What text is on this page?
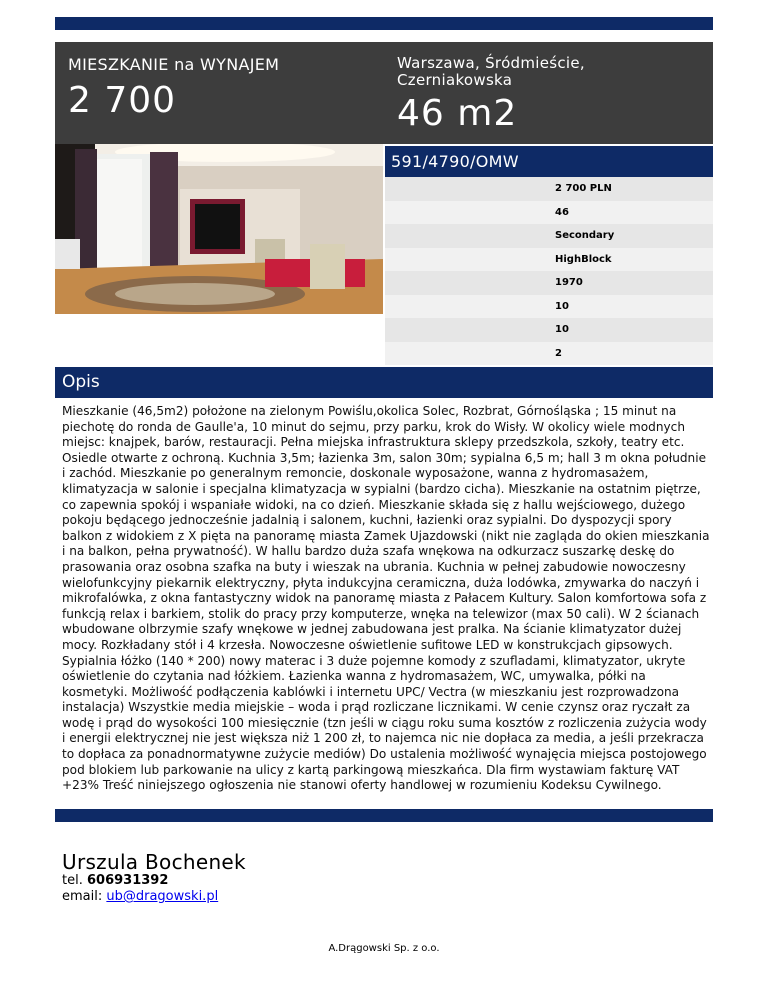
MIESZKANIE na WYNAJEM
2 700
Warszawa, Śródmieście, Czerniakowska
46 m2
591/4790/OMW
2 700 PLN
46
Secondary
HighBlock
1970
10
10
2
Opis
Mieszkanie (46,5m2) położone na zielonym Powiślu,okolica Solec, Rozbrat, Górnośląska ; 15 minut na piechotę do ronda de Gaulle'a, 10 minut do sejmu, przy parku, krok do Wisły. W okolicy wiele modnych miejsc: knajpek, barów, restauracji. Pełna miejska infrastruktura sklepy przedszkola, szkoły, teatry etc. Osiedle otwarte z ochroną. Kuchnia 3,5m; łazienka 3m, salon 30m; sypialna 6,5 m; hall 3 m okna południe i zachód. Mieszkanie po generalnym remoncie, doskonale wyposażone, wanna z hydromasażem, klimatyzacja w salonie i specjalna klimatyzacja w sypialni (bardzo cicha). Mieszkanie na ostatnim piętrze, co zapewnia spokój i wspaniałe widoki, na co dzień. Mieszkanie składa się z hallu wejściowego, dużego pokoju będącego jednocześnie jadalnią i salonem, kuchni, łazienki oraz sypialni. Do dyspozycji spory balkon z widokiem z X pięta na panoramę miasta Zamek Ujazdowski (nikt nie zagląda do okien mieszkania i na balkon, pełna prywatność). W hallu bardzo duża szafa wnękowa na odkurzacz suszarkę deskę do prasowania oraz osobna szafka na buty i wieszak na ubrania. Kuchnia w pełnej zabudowie nowoczesny wielofunkcyjny piekarnik elektryczny, płyta indukcyjna ceramiczna, duża lodówka, zmywarka do naczyń i mikrofalówka, z okna fantastyczny widok na panoramę miasta z Pałacem Kultury. Salon komfortowa sofa z funkcją relax i barkiem, stolik do pracy przy komputerze, wnęka na telewizor (max 50 cali). W 2 ścianach wbudowane olbrzymie szafy wnękowe w jednej zabudowana jest pralka. Na ścianie klimatyzator dużej mocy. Rozkładany stół i 4 krzesła. Nowoczesne oświetlenie sufitowe LED w konstrukcjach gipsowych. Sypialnia łóżko (140 * 200) nowy materac i 3 duże pojemne komody z szufladami, klimatyzator, ukryte oświetlenie do czytania nad łóżkiem. Łazienka wanna z hydromasażem, WC, umywalka, półki na kosmetyki. Możliwość podłączenia kablówki i internetu UPC/ Vectra (w mieszkaniu jest rozprowadzona instalacja) Wszystkie media miejskie – woda i prąd rozliczane licznikami. W cenie czynsz oraz ryczałt za wodę i prąd do wysokości 100 miesięcznie (tzn jeśli w ciągu roku suma kosztów z rozliczenia zużycia wody i energii elektrycznej nie jest większa niż 1 200 zł, to najemca nic nie dopłaca za media, a jeśli przekracza to dopłaca za ponadnormatywne zużycie mediów) Do ustalenia możliwość wynajęcia miejsca postojowego pod blokiem lub parkowanie na ulicy z kartą parkingową mieszkańca. Dla firm wystawiam fakturę VAT +23% Treść niniejszego ogłoszenia nie stanowi oferty handlowej w rozumieniu Kodeksu Cywilnego.
Urszula Bochenek
tel. 606931392
email: ub@dragowski.pl
A.Drągowski Sp. z o.o.
